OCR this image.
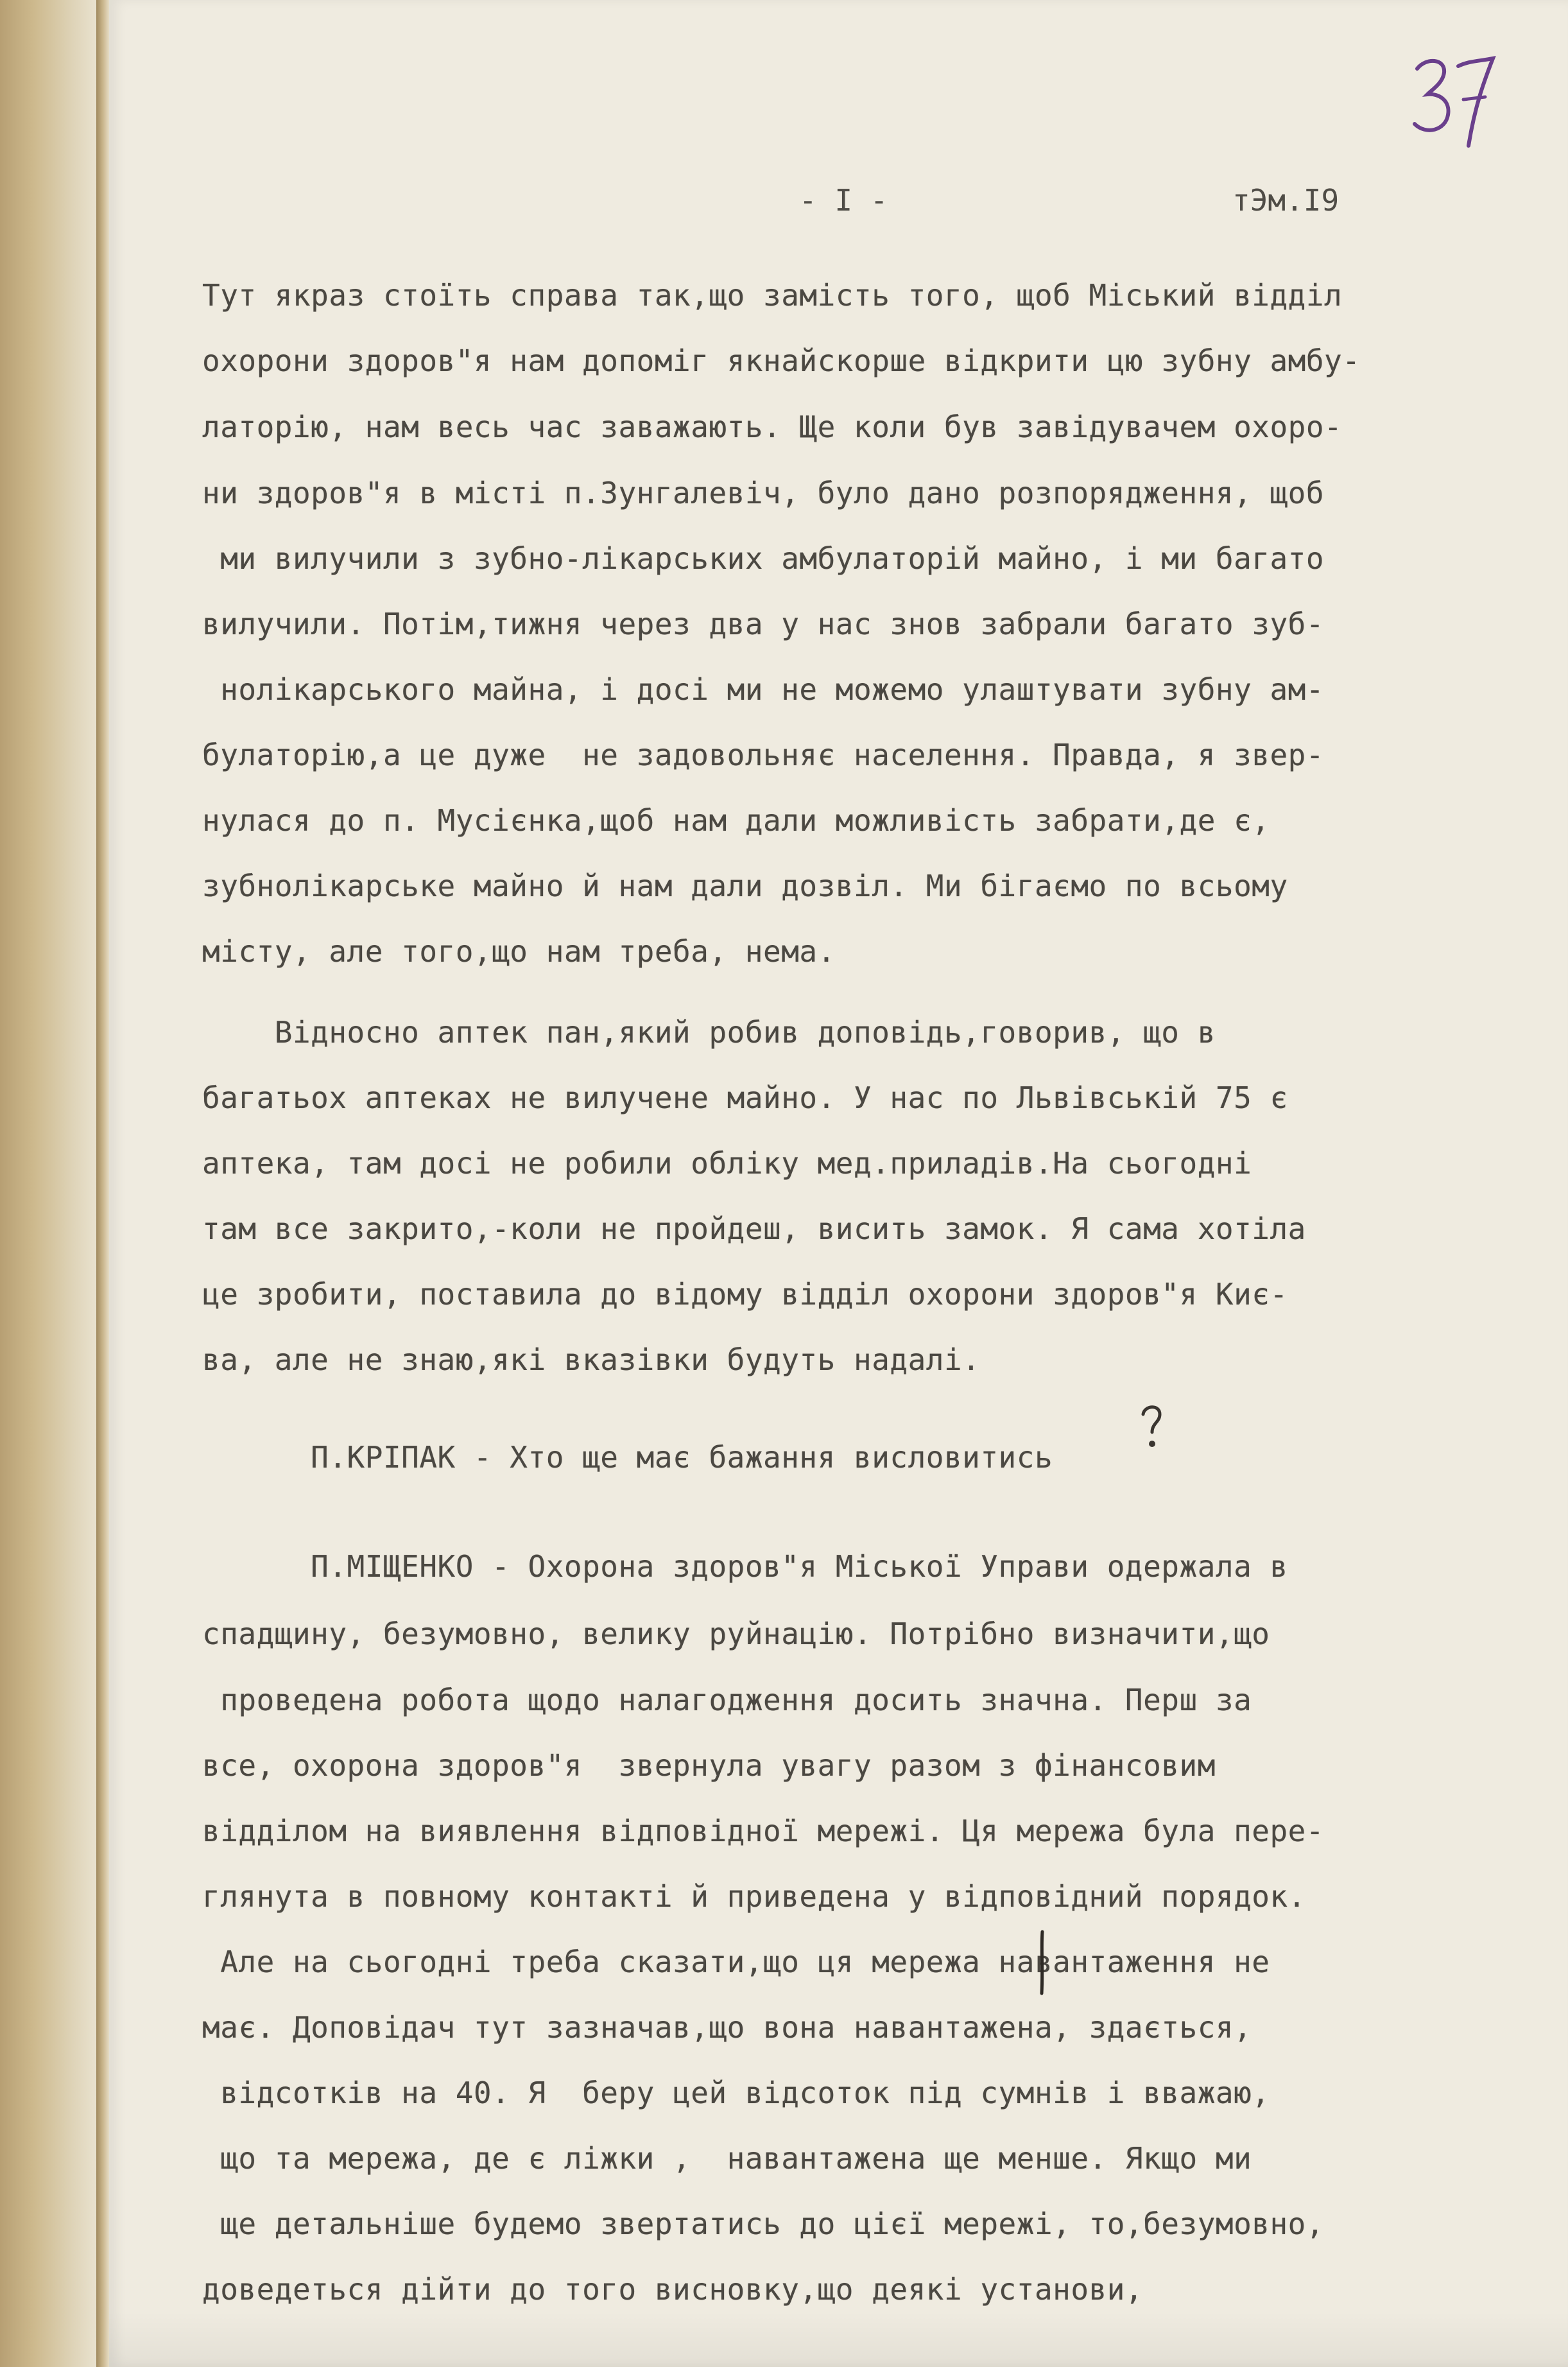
- I -	тЭм.I9
Тут якраз стоїть справа так,що замість того, щоб Міський відділ
охорони здоров"я нам допоміг якнайскорше відкрити цю зубну амбу-
латорію, нам весь час заважають. Ще коли був завідувачем охоро-
ни здоров"я в місті п.Зунгалевіч, було дано розпорядження, щоб
ми вилучили з зубно-лікарських амбулаторій майно, і ми багато
вилучили. Потім,тижня через два у нас знов забрали багато зуб-
нолікарського майна, і досі ми не можемо улаштувати зубну ам-
булаторію,а це дуже  не задовольняє населення. Правда, я звер-
нулася до п. Мусієнка,щоб нам дали можливість забрати,де є,
зубнолікарське майно й нам дали дозвіл. Ми бігаємо по всьому
місту, але того,що нам треба, нема.
Відносно аптек пан,який робив доповідь,говорив, що в
багатьох аптеках не вилучене майно. У нас по Львівській 75 є
аптека, там досі не робили обліку мед.приладів.На сьогодні
там все закрито,-коли не пройдеш, висить замок. Я сама хотіла
це зробити, поставила до відому відділ охорони здоров"я Киє-
ва, але не знаю,які вказівки будуть надалі.
П.КРІПАК - Хто ще має бажання висловитись
П.МІЩЕНКО - Охорона здоров"я Міської Управи одержала в
спадщину, безумовно, велику руйнацію. Потрібно визначити,що
проведена робота щодо налагодження досить значна. Перш за
все, охорона здоров"я  звернула увагу разом з фінансовим
відділом на виявлення відповідної мережі. Ця мережа була пере-
глянута в повному контакті й приведена у відповідний порядок.
Але на сьогодні треба сказати,що ця мережа навантаження не
має. Доповідач тут зазначав,що вона навантажена, здається,
відсотків на 40. Я  беру цей відсоток під сумнів і вважаю,
що та мережа, де є ліжки ,  навантажена ще менше. Якщо ми
ще детальніше будемо звертатись до цієї мережі, то,безумовно,
доведеться дійти до того висновку,що деякі установи,
